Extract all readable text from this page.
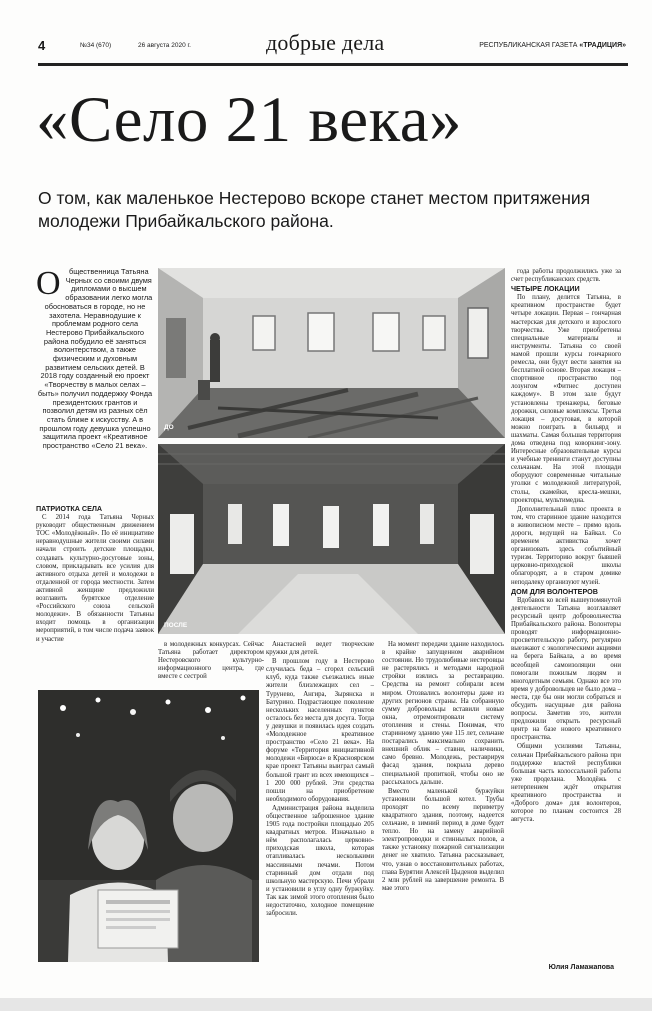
4	№34 (670)	26 августа 2020 г.	добрые дела	РЕСПУБЛИКАНСКАЯ ГАЗЕТА «ТРАДИЦИЯ»
«Село 21 века»
О том, как маленькое Нестерово вскоре станет местом притяжения молодежи Прибайкальского района.
О бщественница Татьяна Черных со своими двумя дипломами о высшем образовании легко могла обосноваться в городе, но не захотела. Неравнодушие к проблемам родного села Нестерово Прибайкальского района побудило её заняться волонтерством, а также физическим и духовным развитием сельских детей. В 2018 году созданный ею проект «Творчеству в малых селах – быть» получил поддержку Фонда президентских грантов и позволил детям из разных сёл стать ближе к искусству. А в прошлом году девушка успешно защитила проект «Креативное пространство «Село 21 века».

ПАТРИОТКА СЕЛА

С 2014 года Татьяна Черных руководит общественным движением ТОС «Молодёжный». По её инициативе неравнодушные жители своими силами начали строить детские площадки, создавать культурно-досуговые зоны, словом, прикладывать все усилия для активного отдыха детей и молодежи в отдаленной от города местности. Затем активной женщине предложили возглавить бурятское отделение «Российского союза сельской молодежи». В обязанности Татьяны входит помощь в организации мероприятий, в том числе подача заявок и участие

ДО
ПОСЛЕ

в молодежных конкурсах. Сейчас Татьяна работает директором Нестеровского культурно-информационного центра, где вместе с сестрой

Анастасией ведет творческие кружки для детей.

В прошлом году в Нестерово случилась беда – сгорел сельский клуб, куда также съезжались иные жители близлежащих сел – Турунево, Ангира, Зырянска и Батурино. Подрастающее поколение нескольких населенных пунктов осталось без места для досуга. Тогда у девушки и появилась идея создать «Молодежное креативное пространство «Село 21 века». На форуме «Территория инициативной молодежи «Бирюса» в Красноярском крае проект Татьяны выиграл самый большой грант из всех имеющихся – 1 200 000 рублей. Эти средства пошли на приобретение необходимого оборудования.

Администрация района выделила общественное заброшенное здание 1905 года постройки площадью 205 квадратных метров. Изначально в нём располагалась церковно-приходская школа, которая отапливалась несколькими массивными печами. Потом старинный дом отдали под школьную мастерскую. Печи убрали и установили в углу одну буржуйку. Так как зимой этого отопления было недостаточно, холодное помещение забросили.

На момент передачи здание находилось в крайне запущенном аварийном состоянии. Но трудолюбивые нестеровцы не растерялись и методами народной стройки взялись за реставрацию. Средства на ремонт собирали всем миром. Отозвались волонтеры даже из других регионов страны. На собранную сумму добровольцы вставили новые окна, отремонтировали систему отопления и стены. Понимая, что старинному зданию уже 115 лет, сельчане постарались максимально сохранить внешний облик – ставни, наличники, само бревно. Молодежь, реставрируя фасад здания, покрыла дерево специальной пропиткой, чтобы оно не рассыхалось дальше.

Вместо маленькой буржуйки установили большой котел. Трубы проходят по всему периметру квадратного здания, поэтому, надеется сельчане, в зимний период в доме будет тепло. Но на замену аварийной электропроводки и стиннылых полов, а также установку пожарной сигнализации денег не хватило. Татьяна рассказывает, что, узнав о восстановительных работах, глава Бурятии Алексей Цыденов выделил 2 млн рублей на завершение ремонта. В мае этого

года работы продолжились уже за счет республиканских средств.

ЧЕТЫРЕ ЛОКАЦИИ

По плану, делится Татьяна, в креативном пространстве будет четыре локации. Первая – гончарная мастерская для детского и взрослого творчества. Уже приобретены специальные материалы и инструменты. Татьяна со своей мамой прошли курсы гончарного ремесла, они будут вести занятия на бесплатной основе. Вторая локация – спортивное пространство под лозунгом «Фитнес доступен каждому». В этом зале будут установлены тренажеры, беговые дорожки, силовые комплексы. Третья локация – досуговая, в которой можно поиграть в бильярд и шахматы. Самая большая территория дома отведена под коворкинг-зону. Интересные образовательные курсы и учебные тренинги станут доступны сельчанам. На этой площади оборудуют современные читальные уголки с молодежной литературой, столы, скамейки, кресла-мешки, проекторы, мультимедиа.

Дополнительный плюс проекта в том, что старинное здание находится в живописном месте – прямо вдоль дороги, ведущей на Байкал. Со временем активистка хочет организовать здесь событийный туризм. Территорию вокруг бывшей церковно-приходской школы облагородят, а в старом домике неподалеку организуют музей.

ДОМ ДЛЯ ВОЛОНТЕРОВ

Вдобавок ко всей вышеупомянутой деятельности Татьяна возглавляет ресурсный центр добровольчества Прибайкальского района. Волонтеры проводят информационно-просветительскую работу, регулярно выезжают с экологическими акциями на берега Байкала, а во время всеобщей самоизоляции они помогали пожилым людям и многодетным семьям. Однако все это время у добровольцев не было дома – места, где бы они могли собраться и обсудить насущные для района вопросы. Заметив это, жители предложили открыть ресурсный центр на базе нового креативного пространства.

Общими усилиями Татьяны, сельчан Прибайкальского района при поддержке властей республики большая часть колоссальной работы уже проделана. Молодёжь с нетерпением ждёт открытия креативного пространства и «Доброго дома» для волонтеров, которое по планам состоится 28 августа.

Юлия Ламажапова
